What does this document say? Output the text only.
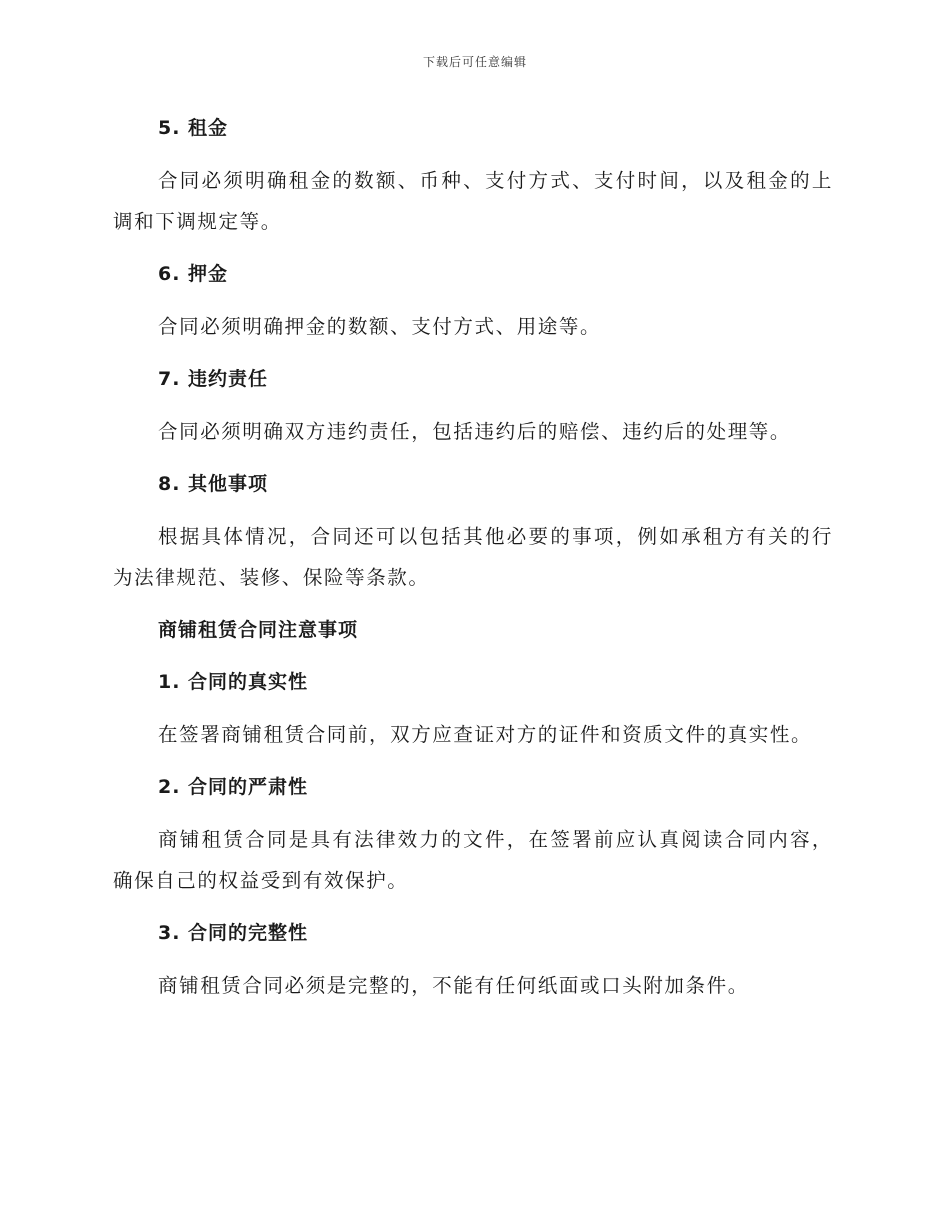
下载后可任意编辑
5. 租金
合同必须明确租金的数额、币种、支付方式、支付时间，以及租金的上调和下调规定等。
6. 押金
合同必须明确押金的数额、支付方式、用途等。
7. 违约责任
合同必须明确双方违约责任，包括违约后的赔偿、违约后的处理等。
8. 其他事项
根据具体情况，合同还可以包括其他必要的事项，例如承租方有关的行为法律规范、装修、保险等条款。
商铺租赁合同注意事项
1. 合同的真实性
在签署商铺租赁合同前，双方应查证对方的证件和资质文件的真实性。
2. 合同的严肃性
商铺租赁合同是具有法律效力的文件，在签署前应认真阅读合同内容，确保自己的权益受到有效保护。
3. 合同的完整性
商铺租赁合同必须是完整的，不能有任何纸面或口头附加条件。
